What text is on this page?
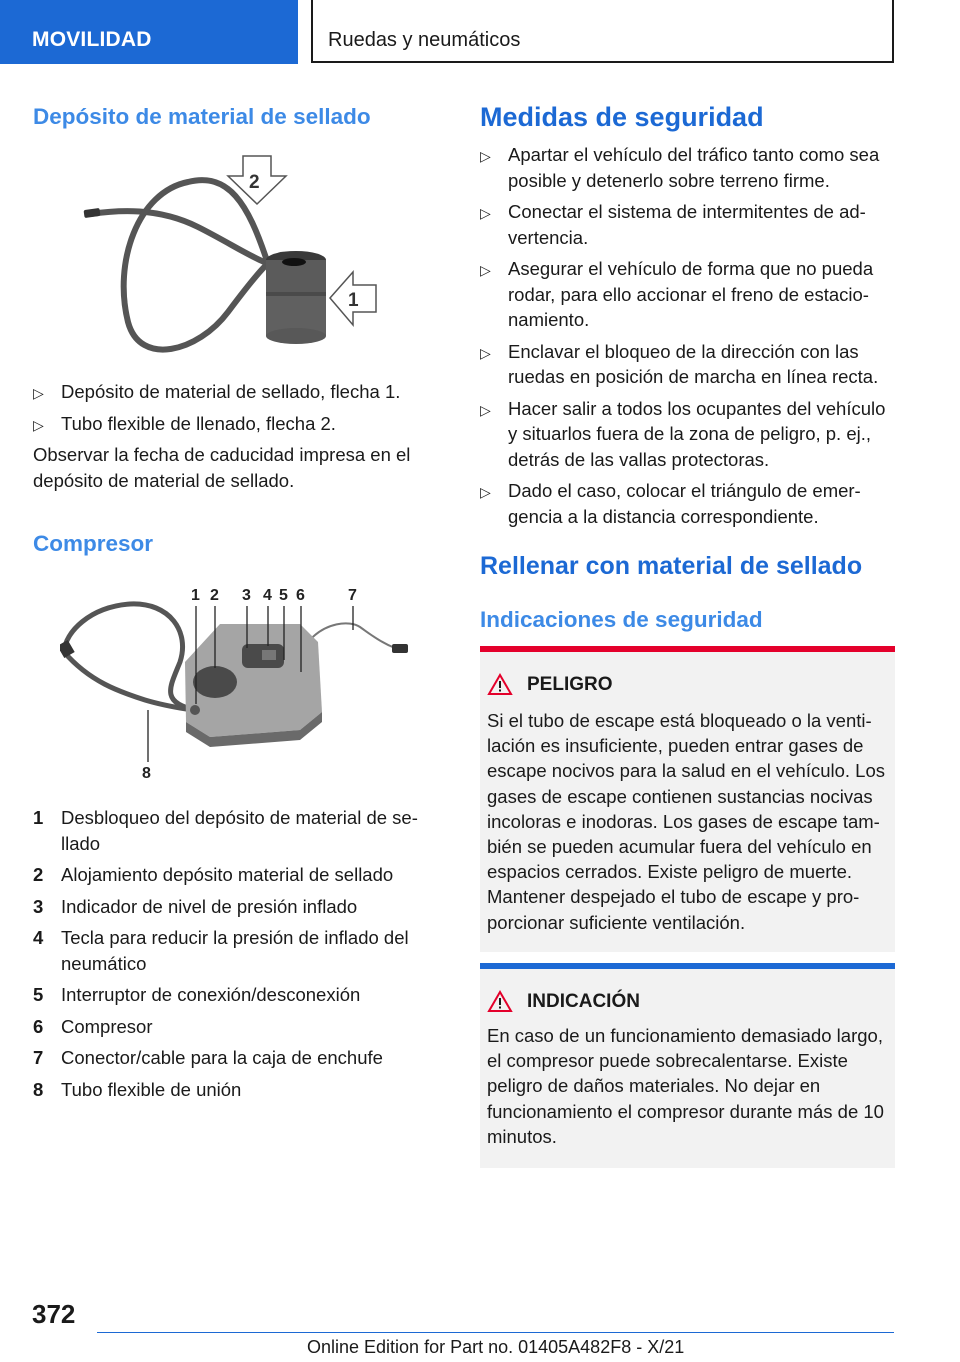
MOVILIDAD	Ruedas y neumáticos
Depósito de material de sellado
2
1
▷ Depósito de material de sellado, flecha 1.
▷ Tubo flexible de llenado, flecha 2.
Observar la fecha de caducidad impresa en el depósito de material de sellado.
Compresor
1 2 3 4 5 6	7
8
1 Desbloqueo del depósito de material de se-llado
2 Alojamiento depósito material de sellado
3 Indicador de nivel de presión inflado
4 Tecla para reducir la presión de inflado del neumático
5 Interruptor de conexión/desconexión
6 Compresor
7 Conector/cable para la caja de enchufe
8 Tubo flexible de unión
Medidas de seguridad
▷ Apartar el vehículo del tráfico tanto como sea posible y detenerlo sobre terreno firme.
▷ Conectar el sistema de intermitentes de ad-vertencia.
▷ Asegurar el vehículo de forma que no pueda rodar, para ello accionar el freno de estacio-namiento.
▷ Enclavar el bloqueo de la dirección con las ruedas en posición de marcha en línea recta.
▷ Hacer salir a todos los ocupantes del vehículo y situarlos fuera de la zona de peligro, p. ej., detrás de las vallas protectoras.
▷ Dado el caso, colocar el triángulo de emer-gencia a la distancia correspondiente.
Rellenar con material de sellado
Indicaciones de seguridad
PELIGRO
Si el tubo de escape está bloqueado o la venti-lación es insuficiente, pueden entrar gases de escape nocivos para la salud en el vehículo. Los gases de escape contienen sustancias nocivas incoloras e inodoras. Los gases de escape tam-bién se pueden acumular fuera del vehículo en espacios cerrados. Existe peligro de muerte. Mantener despejado el tubo de escape y pro-porcionar suficiente ventilación.
INDICACIÓN
En caso de un funcionamiento demasiado largo, el compresor puede sobrecalentarse. Existe peligro de daños materiales. No dejar en funcionamiento el compresor durante más de 10 minutos.
372
Online Edition for Part no. 01405A482F8 - X/21
